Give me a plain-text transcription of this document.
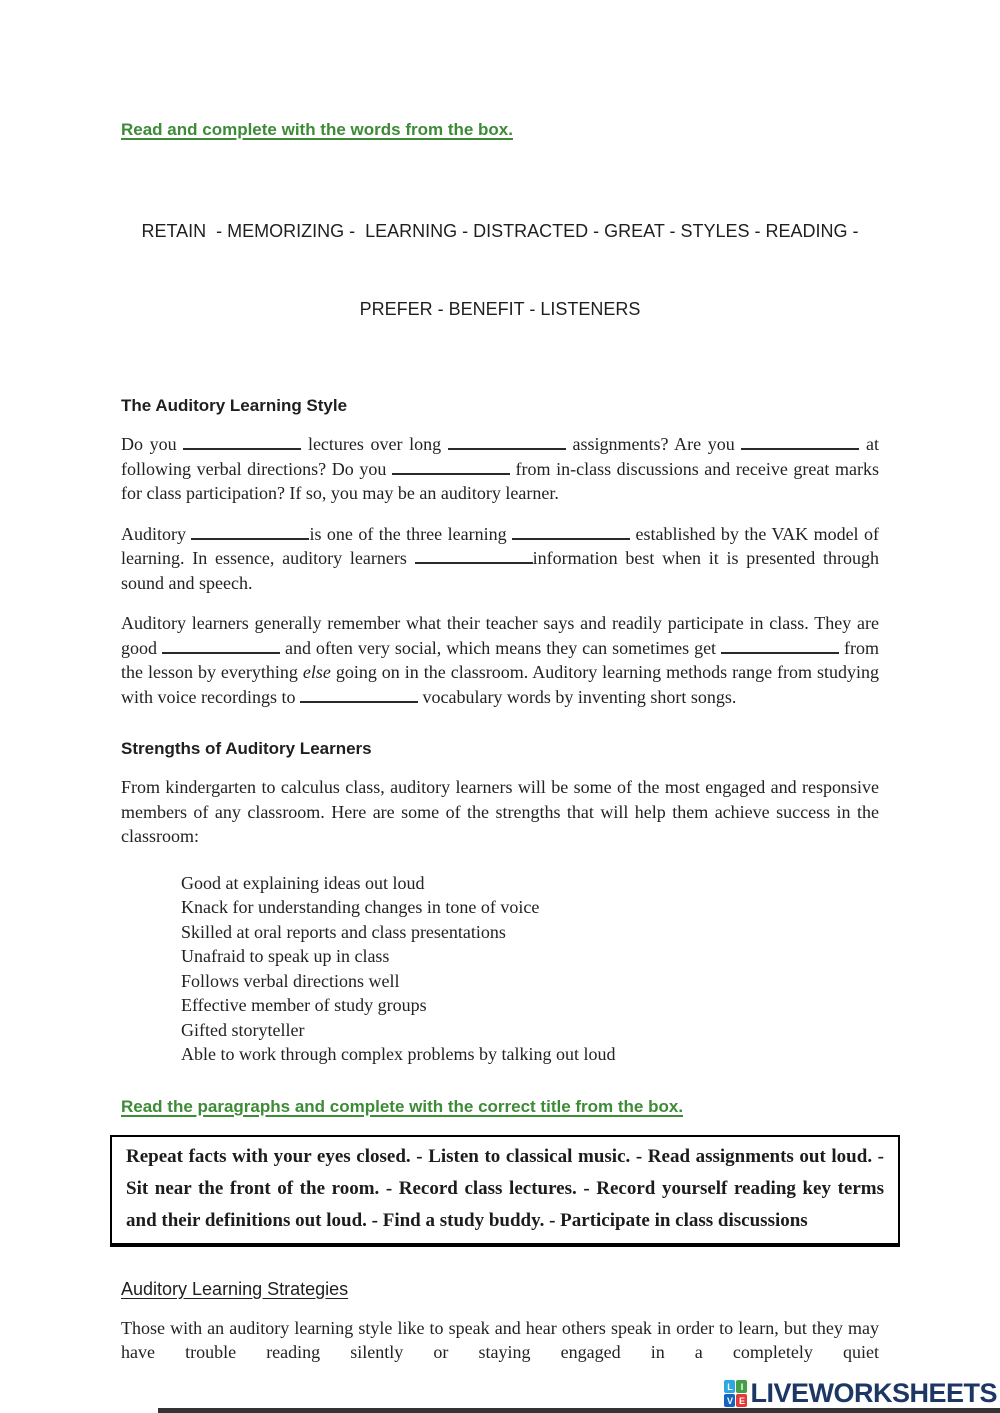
Read and complete with the words from the box.

RETAIN  - MEMORIZING -  LEARNING - DISTRACTED - GREAT - STYLES - READING -

PREFER - BENEFIT - LISTENERS

The Auditory Learning Style
Do you	lectures over long	assignments? Are you	at following verbal directions? Do you	from in-class discussions and receive great marks for class participation? If so, you may be an auditory learner.
Auditory	is one of the three learning	established by the VAK model of learning. In essence, auditory learners	information best when it is presented through sound and speech.
Auditory learners generally remember what their teacher says and readily participate in class. They are good	and often very social, which means they can sometimes get	from the lesson by everything else going on in the classroom. Auditory learning methods range from studying with voice recordings to	vocabulary words by inventing short songs.
Strengths of Auditory Learners
From kindergarten to calculus class, auditory learners will be some of the most engaged and responsive members of any classroom. Here are some of the strengths that will help them achieve success in the classroom:
Good at explaining ideas out loud
Knack for understanding changes in tone of voice
Skilled at oral reports and class presentations
Unafraid to speak up in class
Follows verbal directions well
Effective member of study groups
Gifted storyteller
Able to work through complex problems by talking out loud
Read the paragraphs and complete with the correct title from the box.
Repeat facts with your eyes closed. - Listen to classical music. - Read assignments out loud. - Sit near the front of the room. - Record class lectures. - Record yourself reading key terms and their definitions out loud. - Find a study buddy. - Participate in class discussions
Auditory Learning Strategies
Those with an auditory learning style like to speak and hear others speak in order to learn, but they may have trouble reading silently or staying engaged in a completely quiet
L I
V E LIVEWORKSHEETS
